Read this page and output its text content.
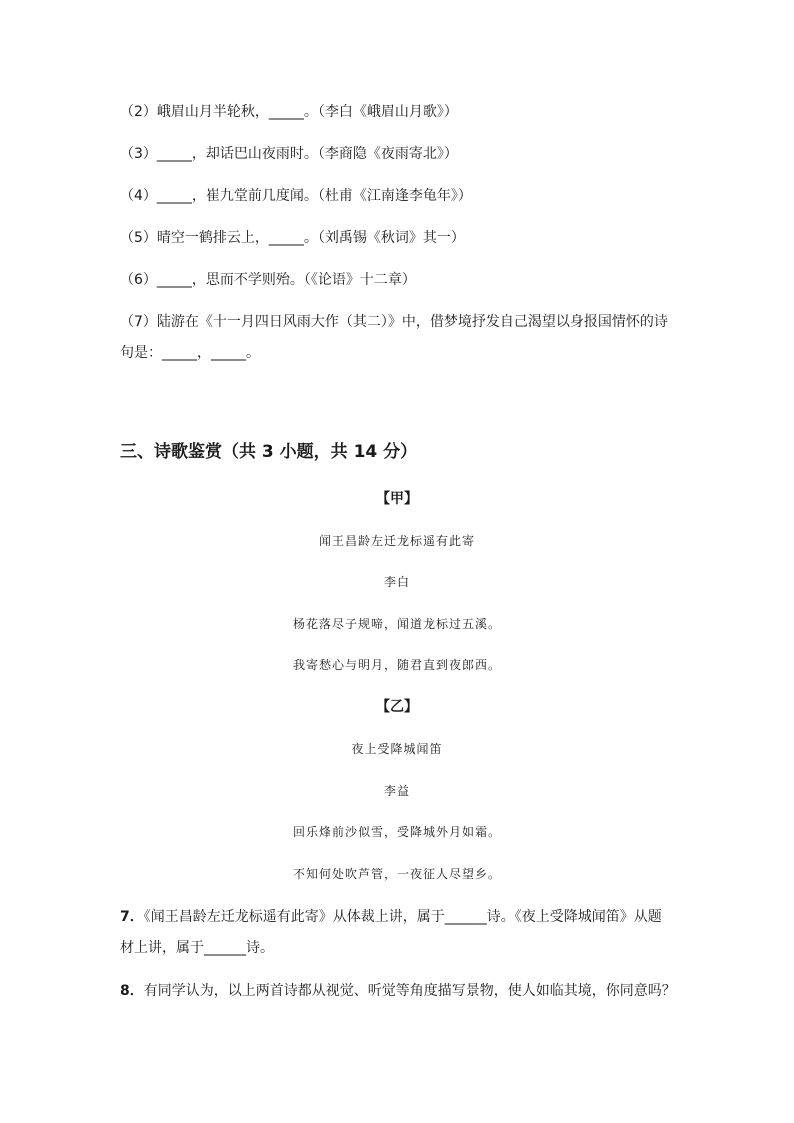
（2）峨眉山月半轮秋，_____。（李白《峨眉山月歌》）
（3）_____，却话巴山夜雨时。（李商隐《夜雨寄北》）
（4）_____，崔九堂前几度闻。（杜甫《江南逢李龟年》）
（5）晴空一鹤排云上，_____。（刘禹锡《秋词》其一）
（6）_____，思而不学则殆。（《论语》十二章）
（7）陆游在《十一月四日风雨大作（其二）》中，借梦境抒发自己渴望以身报国情怀的诗
句是：_____，_____。
三、诗歌鉴赏（共 3 小题，共 14 分）
【甲】
闻王昌龄左迁龙标遥有此寄
李白
杨花落尽子规啼，闻道龙标过五溪。
我寄愁心与明月，随君直到夜郎西。
【乙】
夜上受降城闻笛
李益
回乐烽前沙似雪，受降城外月如霜。
不知何处吹芦管，一夜征人尽望乡。
7．《闻王昌龄左迁龙标遥有此寄》从体裁上讲，属于______诗。《夜上受降城闻笛》从题
材上讲，属于______诗。
8．有同学认为，以上两首诗都从视觉、听觉等角度描写景物，使人如临其境，你同意吗？
